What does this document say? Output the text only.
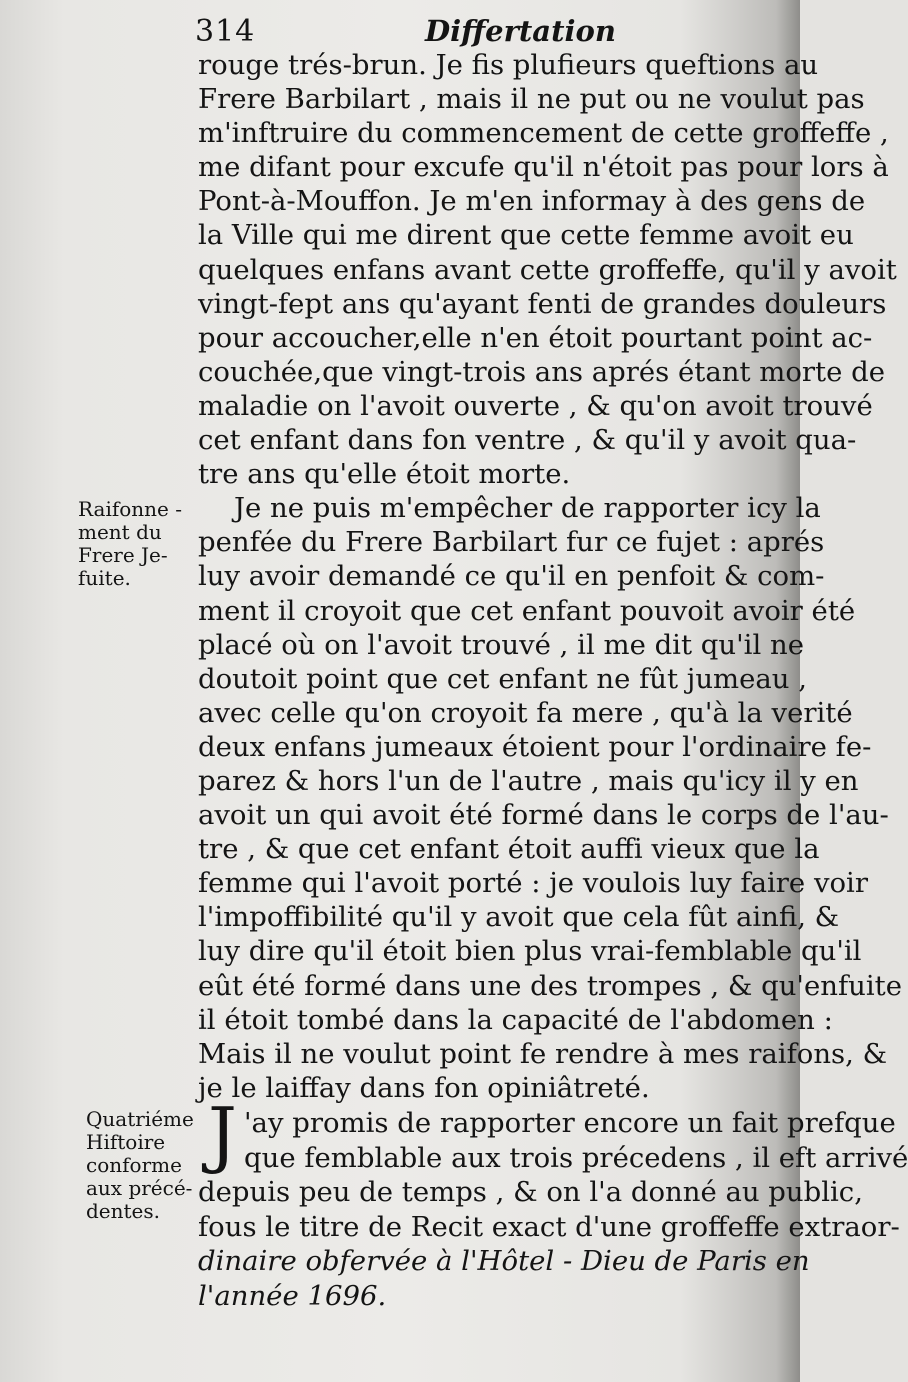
314	Differtation
rouge trés-brun. Je fis plufieurs queftions au
Frere Barbilart , mais il ne put ou ne voulut pas
m'inftruire du commencement de cette groffeffe ,
me difant pour excufe qu'il n'étoit pas pour lors à
Pont-à-Mouffon. Je m'en informay à des gens de
la Ville qui me dirent que cette femme avoit eu
quelques enfans avant cette groffeffe, qu'il y avoit
vingt-fept ans qu'ayant fenti de grandes douleurs
pour accoucher,elle n'en étoit pourtant point ac-
couchée,que vingt-trois ans aprés étant morte de
maladie on l'avoit ouverte , & qu'on avoit trouvé
cet enfant dans fon ventre , & qu'il y avoit qua-
tre ans qu'elle étoit morte.
Je ne puis m'empêcher de rapporter icy la
penfée du Frere Barbilart fur ce fujet : aprés
luy avoir demandé ce qu'il en penfoit & com-
ment il croyoit que cet enfant pouvoit avoir été
placé où on l'avoit trouvé , il me dit qu'il ne
doutoit point que cet enfant ne fût jumeau ,
avec celle qu'on croyoit fa mere , qu'à la verité
deux enfans jumeaux étoient pour l'ordinaire fe-
parez & hors l'un de l'autre , mais qu'icy il y en
avoit un qui avoit été formé dans le corps de l'au-
tre , & que cet enfant étoit auffi vieux que la
femme qui l'avoit porté : je voulois luy faire voir
l'impoffibilité qu'il y avoit que cela fût ainfi, &
luy dire qu'il étoit bien plus vrai-femblable qu'il
eût été formé dans une des trompes , & qu'enfuite
il étoit tombé dans la capacité de l'abdomen :
Mais il ne voulut point fe rendre à mes raifons, &
je le laiffay dans fon opiniâtreté.
Raifonne -
ment du
Frere Je-
fuite.
J 'ay promis de rapporter encore un fait prefque
que femblable aux trois précedens , il eft arrivé
depuis peu de temps , & on l'a donné au public,
fous le titre de Recit exact d'une groffeffe extraor-
dinaire obfervée à l'Hôtel - Dieu de Paris en
l'année 1696.
Quatriéme
Hiftoire
conforme
aux précé-
dentes.
